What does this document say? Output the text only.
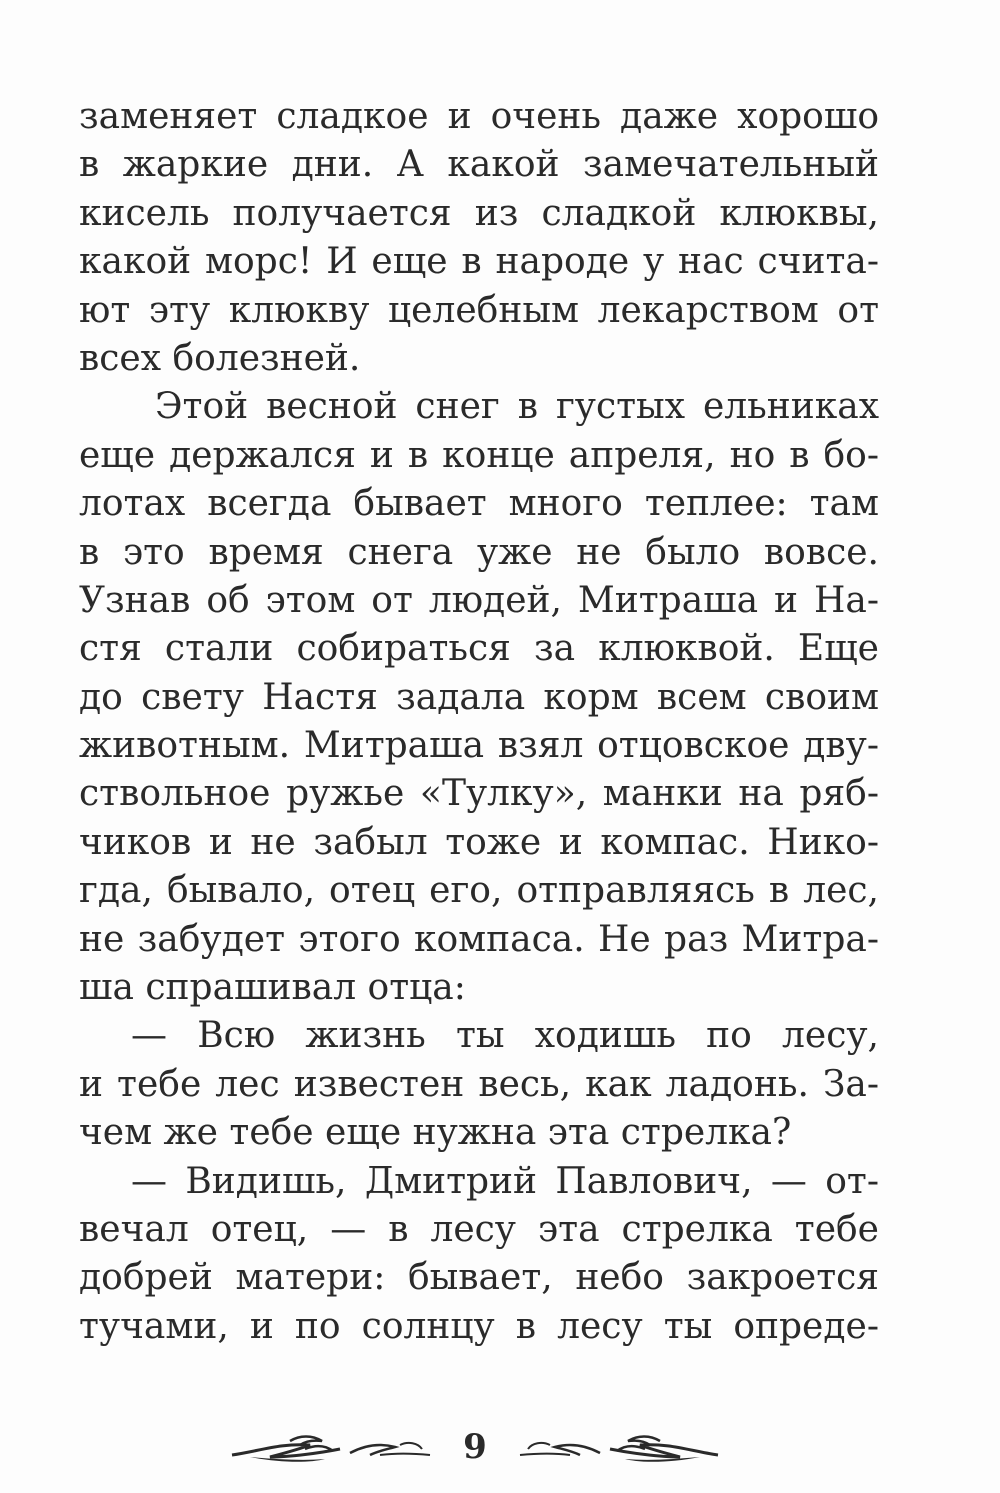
заменяет сладкое и очень даже хорошо
в жаркие дни. А какой замечательный
кисель получается из сладкой клюквы,
какой морс! И еще в народе у нас счита-
ют эту клюкву целебным лекарством от
всех болезней.
Этой весной снег в густых ельниках
еще держался и в конце апреля, но в бо-
лотах всегда бывает много теплее: там
в это время снега уже не было вовсе.
Узнав об этом от людей, Митраша и На-
стя стали собираться за клюквой. Еще
до свету Настя задала корм всем своим
животным. Митраша взял отцовское дву-
ствольное ружье «Тулку», манки на ряб-
чиков и не забыл тоже и компас. Нико-
гда, бывало, отец его, отправляясь в лес,
не забудет этого компаса. Не раз Митра-
ша спрашивал отца:
— Всю жизнь ты ходишь по лесу,
и тебе лес известен весь, как ладонь. За-
чем же тебе еще нужна эта стрелка?
— Видишь, Дмитрий Павлович, — от-
вечал отец, — в лесу эта стрелка тебе
добрей матери: бывает, небо закроется
тучами, и по солнцу в лесу ты опреде-
9
